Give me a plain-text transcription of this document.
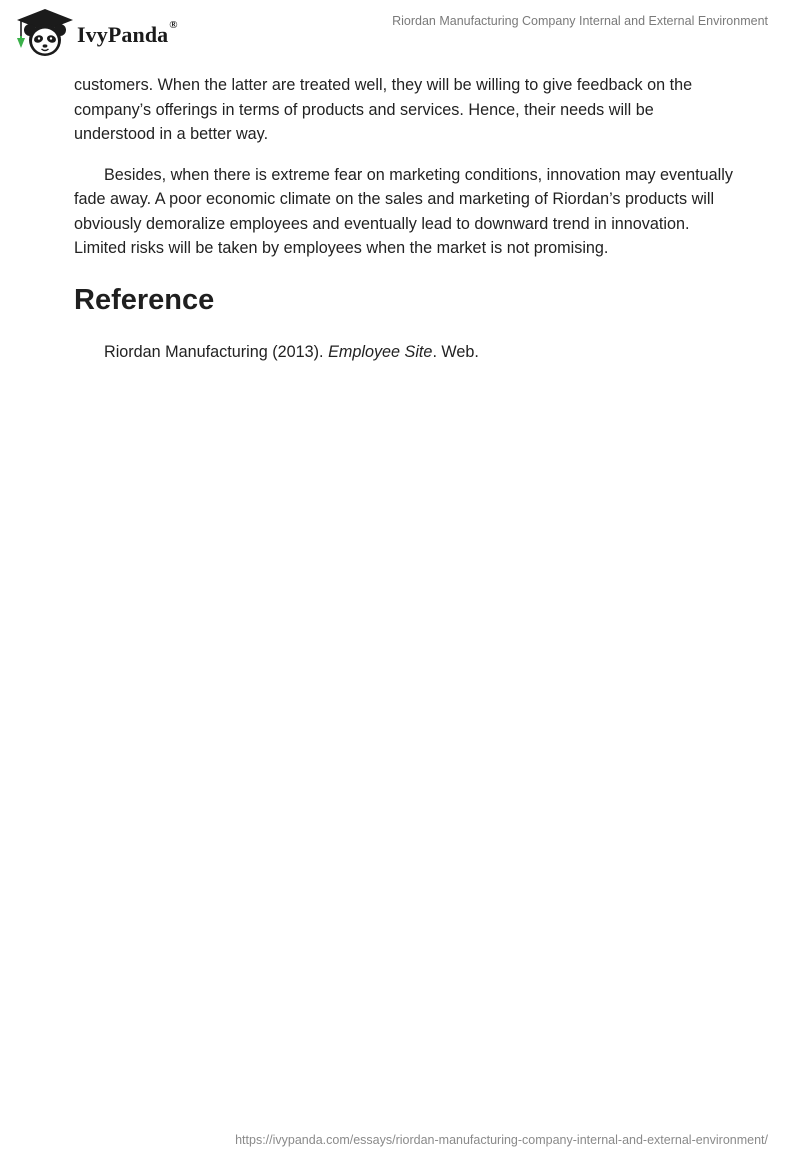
IvyPanda®	Riordan Manufacturing Company Internal and External Environment

customers. When the latter are treated well, they will be willing to give feedback on the company’s offerings in terms of products and services. Hence, their needs will be understood in a better way.

Besides, when there is extreme fear on marketing conditions, innovation may eventually fade away. A poor economic climate on the sales and marketing of Riordan’s products will obviously demoralize employees and eventually lead to downward trend in innovation. Limited risks will be taken by employees when the market is not promising.

Reference

Riordan Manufacturing (2013). Employee Site. Web.

https://ivypanda.com/essays/riordan-manufacturing-company-internal-and-external-environment/
